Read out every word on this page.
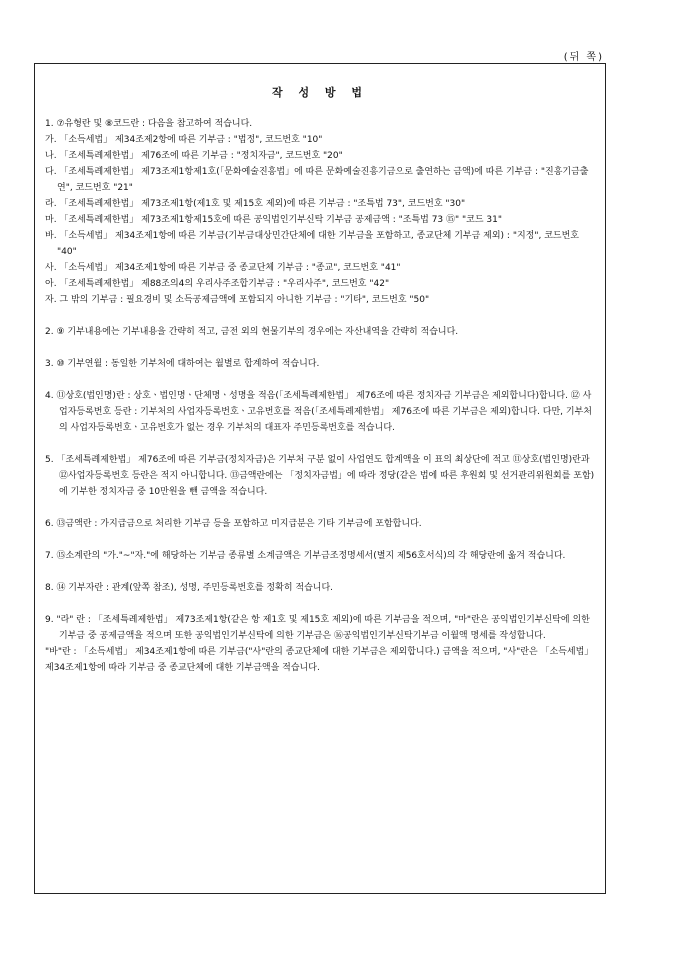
(뒤 쪽)
작 성 방 법

1. ⑦유형란 및 ⑧코드란 : 다음을 참고하여 적습니다.

가. 「소득세법」 제34조제2항에 따른 기부금 : "법정", 코드번호 "10"

나. 「조세특례제한법」 제76조에 따른 기부금 : "정치자금", 코드번호 "20"

다. 「조세특례제한법」 제73조제1항제1호(「문화예술진흥법」에 따른 문화예술진흥기금으로 출연하는 금액)에 따른 기부금 : "진흥기금출연", 코드번호 "21"

라. 「조세특례제한법」 제73조제1항(제1호 및 제15호 제외)에 따른 기부금 : "조특법 73", 코드번호 "30"

마. 「조세특례제한법」 제73조제1항제15호에 따른 공익법인기부신탁 기부금 공제금액 : "조특법 73 ⑮" "코드 31"

바. 「소득세법」 제34조제1항에 따른 기부금(기부금대상민간단체에 대한 기부금을 포함하고, 종교단체 기부금 제외) : "지정", 코드번호 "40"

사. 「소득세법」 제34조제1항에 따른 기부금 중 종교단체 기부금 : "종교", 코드번호 "41"

아. 「조세특례제한법」 제88조의4의 우리사주조합기부금 : "우리사주", 코드번호 "42"

자. 그 밖의 기부금 : 필요경비 및 소득공제금액에 포함되지 아니한 기부금 : "기타", 코드번호 "50"

2. ⑨ 기부내용에는 기부내용을 간략히 적고, 금전 외의 현물기부의 경우에는 자산내역을 간략히 적습니다.

3. ⑩ 기부연월 : 동일한 기부처에 대하여는 월별로 합계하여 적습니다.

4. ⑪상호(법인명)란 : 상호ㆍ법인명ㆍ단체명ㆍ성명을 적음(「조세특례제한법」 제76조에 따른 정치자금 기부금은 제외합니다)합니다. ⑫ 사업자등록번호 등란 : 기부처의 사업자등록번호ㆍ고유번호를 적음(「조세특례제한법」 제76조에 따른 기부금은 제외)합니다. 다만, 기부처의 사업자등록번호ㆍ고유번호가 없는 경우 기부처의 대표자 주민등록번호를 적습니다.

5. 「조세특례제한법」 제76조에 따른 기부금(정치자금)은 기부처 구분 없이 사업연도 합계액을 이 표의 최상단에 적고 ⑪상호(법인명)란과 ⑫사업자등록번호 등란은 적지 아니합니다. ⑬금액란에는 「정치자금법」에 따라 정당(같은 법에 따른 후원회 및 선거관리위원회를 포함)에 기부한 정치자금 중 10만원을 뺀 금액을 적습니다.

6. ⑬금액란 : 가지급금으로 처리한 기부금 등을 포함하고 미지급분은 기타 기부금에 포함합니다.

7. ⑮소계란의 "가."~"자."에 해당하는 기부금 종류별 소계금액은 기부금조정명세서(별지 제56호서식)의 각 해당란에 옮겨 적습니다.

8. ⑭ 기부자란 : 관계(앞쪽 참조), 성명, 주민등록번호를 정확히 적습니다.

9. "라" 란 : 「조세특례제한법」 제73조제1항(같은 항 제1호 및 제15호 제외)에 따른 기부금을 적으며, "마"란은 공익법인기부신탁에 의한 기부금 중 공제금액을 적으며 또한 공익법인기부신탁에 의한 기부금은 ⑯공익법인기부신탁기부금 이월액 명세를 작성합니다.

"바"란 : 「소득세법」 제34조제1항에 따른 기부금("사"란의 종교단체에 대한 기부금은 제외합니다.) 금액을 적으며, "사"란은 「소득세법」 제34조제1항에 따라 기부금 중 종교단체에 대한 기부금액을 적습니다.
